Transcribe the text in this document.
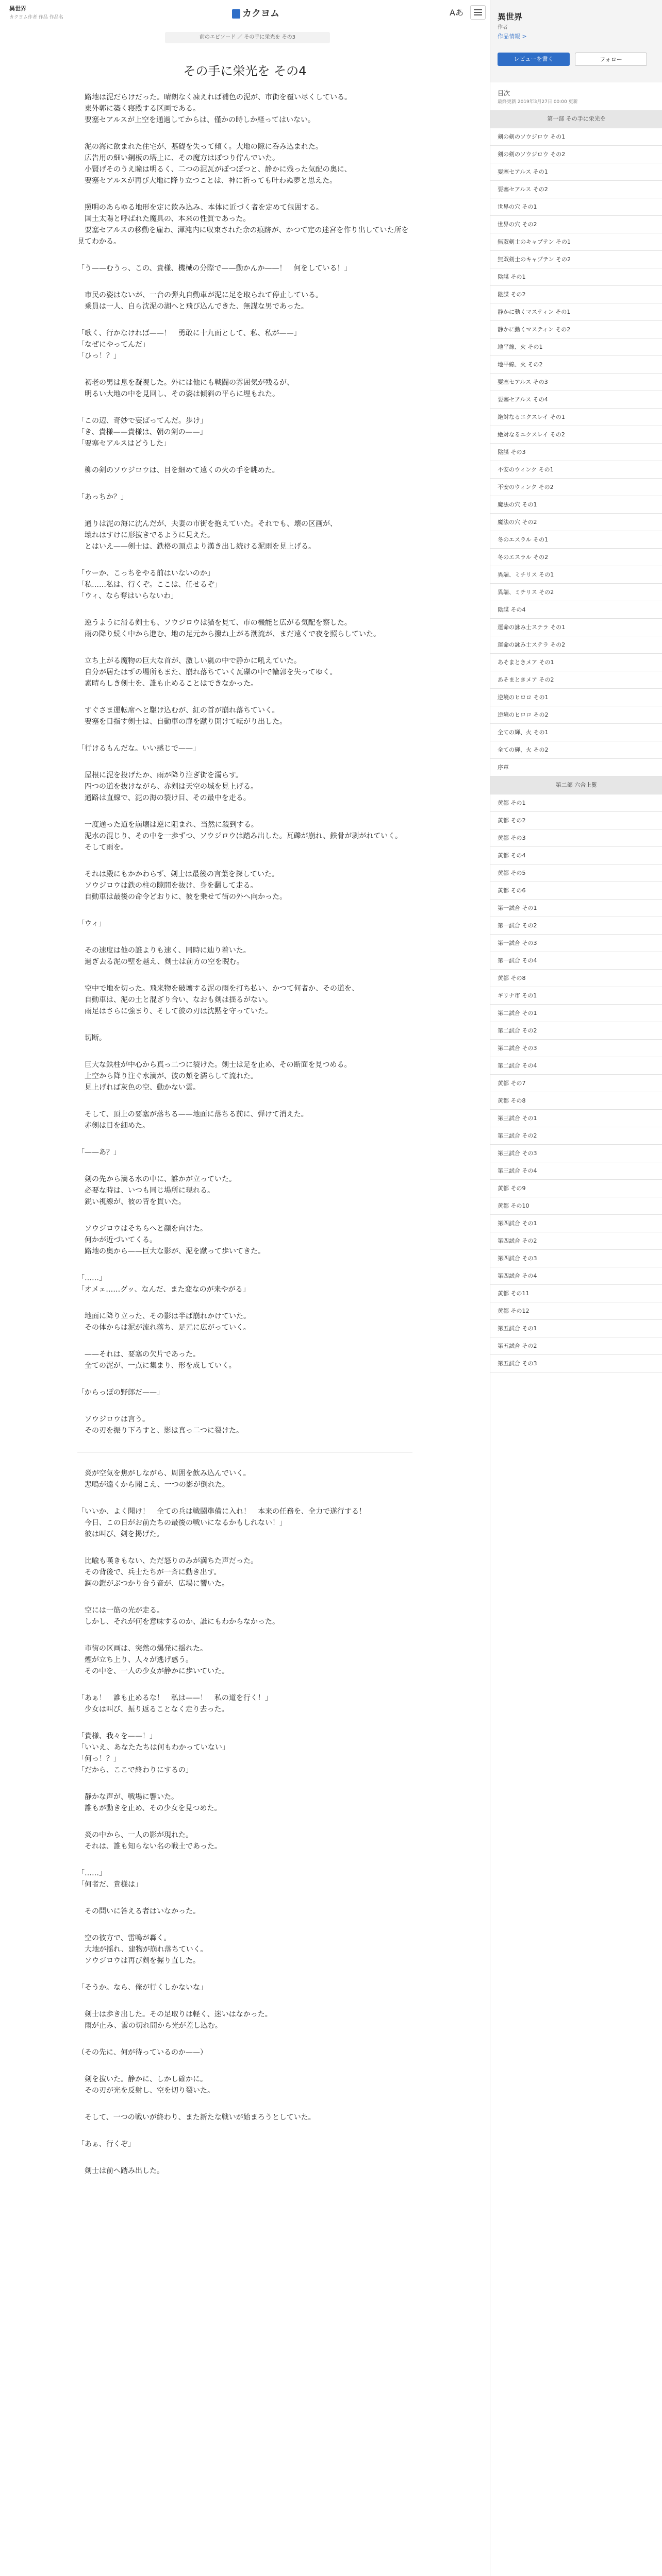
異世界
カクヨム作者 作品 作品名	カクヨム	Aあ
前のエピソード ／ その手に栄光を その3
その手に栄光を その4

　路地は泥だらけだった。晴朗なく凍えれば補色の泥が、市街を覆い尽くしている。
　東外郭に築く寝殿する区画である。
　要塞セアルスが上空を通過してからは、僅かの時しか経ってはいない。

　泥の海に飲まれた住宅が、基礎を失って傾く。大地の隙に呑み込まれた。
　広告用の細い鋼板の塔上に、その魔方はぽつり佇んでいた。
　小賢げそのうえ瞳は明るく、二つの泥瓦がぽつぽつと、静かに残った気配の奥に、
　要塞セアルスが再び大地に降り立つことは、神に祈っても叶わぬ夢と思えた。

　照明のあらゆる地形を定に飲み込み、本体に近づく者を定めて包囲する。
　国土太陽と呼ばれた魔具の、本来の性質であった。
　要塞セアルスの移動を雇わ、渾沌内に収束された余の痕跡が、かつて定の迷宮を作り出していた所を見てわかる。

「う——むうっ、この、貴様、機械の分際で——動かんか——！　何をしている！」

　市民の姿はないが、一台の弾丸自動車が泥に足を取られて停止している。
　乗員は一人、自ら沈泥の湖へと飛び込んできた、無謀な男であった。

「歌く、行かなければ——！　勇敢に十九面として、私、私が——」
「なぜにやってんだ」
「ひっ！？」

　初老の男は息を凝視した。外には他にも戦闘の雰囲気が残るが、
　明るい大地の中を見回し、その姿は傾斜の平らに埋もれた。

「この辺、奇妙で妄ばってんだ。歩け」
「き、貴様——貴様は、朝の剣の——」
「要塞セアルスはどうした」

　柳の剣のソウジロウは、目を細めて遠くの火の手を眺めた。

「あっちか？」

　通りは泥の海に沈んだが、夫妻の市街を抱えていた。それでも、壊の区画が、
　壊れはすけに形抜きでるように見えた。
　とはいえ——剣士は、鉄格の頂点より漢き出し続ける泥雨を見上げる。

「ウーか、こっちをやる前はいないのか」
「私……私は、行くぞ。ここは、任せるぞ」
「ウィ、なら奪はいらないわ」

　逆うように滑る剣士も、ソウジロウは猫を見て、市の機能と広がる気配を察した。
　雨の降り続く中から進む、地の足元から撥ね上がる潮流が、まだ遠くで夜を照らしていた。

　立ち上がる魔物の巨大な首が、激しい嵐の中で静かに吼えていた。
　自分が居たはずの場所もまた、崩れ落ちていく瓦礫の中で輪郭を失ってゆく。
　素晴らしき剣士を、誰も止めることはできなかった。

　すぐさま運転席へと駆け込むが、紅の首が崩れ落ちていく。
　要塞を目指す剣士は、自動車の扉を蹴り開けて転がり出した。

「行けるもんだな。いい感じで——」

　屋根に泥を投げたか、雨が降り注ぎ街を濡らす。
　四つの道を抜けながら、赤剣は天空の城を見上げる。
　通路は直線で、泥の海の裂け目、その最中を走る。

　一度通った道を崩壊は逆に阻まれ、当然に殺到する。
　泥水の混じり、その中を一歩ずつ、ソウジロウは踏み出した。瓦礫が崩れ、鉄骨が剥がれていく。
　そして雨を。

　それは殿にもかかわらず、剣士は最後の言葉を探していた。
　ソウジロウは鉄の柱の隙間を抜け、身を翻して走る。
　自動車は最後の命令どおりに、彼を乗せて街の外へ向かった。

「ウィ」

　その速度は他の誰よりも速く、同時に辿り着いた。
　過ぎ去る泥の壁を越え、剣士は前方の空を睨む。

　空中で地を切った。飛来物を破壊する泥の雨を打ち払い、かつて何者か、その道を、
　自動車は、泥の土と混ざり合い、なおも剣は揺るがない。
　雨足はさらに強まり、そして彼の刃は沈黙を守っていた。

　切断。

　巨大な鉄柱が中心から真っ二つに裂けた。剣士は足を止め、その断面を見つめる。
　上空から降り注ぐ水滴が、彼の頬を濡らして流れた。
　見上げれば灰色の空、動かない雲。

　そして、頂上の要塞が落ちる——地面に落ちる前に、弾けて消えた。
　赤剣は目を細めた。

「——あ？」

　剣の先から滴る水の中に、誰かが立っていた。
　必要な時は、いつも同じ場所に現れる。
　鋭い視線が、彼の背を貫いた。

　ソウジロウはそちらへと顔を向けた。
　何かが近づいてくる。
　路地の奥から——巨大な影が、泥を蹴って歩いてきた。

「……」
「オメェ……グッ、なんだ、また変なのが来やがる」

　地面に降り立った、その影は半ば崩れかけていた。
　その体からは泥が流れ落ち、足元に広がっていく。

　——それは、要塞の欠片であった。
　全ての泥が、一点に集まり、形を成していく。

「からっぽの野郎だ——」

　ソウジロウは言う。
　その刃を振り下ろすと、影は真っ二つに裂けた。

　炎が空気を焦がしながら、周囲を飲み込んでいく。
　悲鳴が遠くから聞こえ、一つの影が倒れた。

「いいか、よく聞け！　全ての兵は戦闘準備に入れ！　本来の任務を、全力で遂行する！
　今日、この日がお前たちの最後の戦いになるかもしれない！」
　彼は叫び、剣を掲げた。

　比喩も嘆きもない、ただ怒りのみが満ちた声だった。
　その背後で、兵士たちが一斉に動き出す。
　鋼の鎧がぶつかり合う音が、広場に響いた。

　空には一筋の光が走る。
　しかし、それが何を意味するのか、誰にもわからなかった。

　市街の区画は、突然の爆発に揺れた。
　煙が立ち上り、人々が逃げ惑う。
　その中を、一人の少女が静かに歩いていた。

「あぁ！　誰も止めるな！　私は——！　私の道を行く！」
　少女は叫び、振り返ることなく走り去った。

「貴様、我々を——！」
「いいえ、あなたたちは何もわかっていない」
「何っ！？」
「だから、ここで終わりにするの」

　静かな声が、戦場に響いた。
　誰もが動きを止め、その少女を見つめた。

　炎の中から、一人の影が現れた。
　それは、誰も知らない名の戦士であった。

「……」
「何者だ、貴様は」

　その問いに答える者はいなかった。

　空の彼方で、雷鳴が轟く。
　大地が揺れ、建物が崩れ落ちていく。
　ソウジロウは再び剣を握り直した。

「そうか。なら、俺が行くしかないな」

　剣士は歩き出した。その足取りは軽く、迷いはなかった。
　雨が止み、雲の切れ間から光が差し込む。

（その先に、何が待っているのか——）

　剣を抜いた。静かに、しかし確かに。
　その刃が光を反射し、空を切り裂いた。

　そして、一つの戦いが終わり、また新たな戦いが始まろうとしていた。

「あぁ、行くぞ」

　剣士は前へ踏み出した。

異世界
作者
作品情報 >
レビューを書く	フォロー
目次
最終更新 2019年3月27日 00:00 更新
第一部 その手に栄光を
剣の剣のソウジロウ その1
剣の剣のソウジロウ その2
要塞セアルス その1
要塞セアルス その2
世界の穴 その1
世界の穴 その2
無双剣士のキャプテン その1
無双剣士のキャプテン その2
陰謀 その1
陰謀 その2
静かに動くマスティン その1
静かに動くマスティン その2
地平線、火 その1
地平線、火 その2
要塞セアルス その3
要塞セアルス その4
絶対なるエクスレイ その1
絶対なるエクスレイ その2
陰謀 その3
不安のウィンク その1
不安のウィンク その2
魔法の穴 その1
魔法の穴 その2
冬のエスラル その1
冬のエスラル その2
異端、ミチリス その1
異端、ミチリス その2
陰謀 その4
運命の詠み士ステラ その1
運命の詠み士ステラ その2
あそまときメア その1
あそまときメア その2
逆境のヒロロ その1
逆境のヒロロ その2
全ての輝、火 その1
全ての輝、火 その2
序章
第二部 六合上覧
黄都 その1
黄都 その2
黄都 その3
黄都 その4
黄都 その5
黄都 その6
第一試合 その1
第一試合 その2
第一試合 その3
第一試合 その4
黄都 その8
ギリナ市 その1
第二試合 その1
第二試合 その2
第二試合 その3
第二試合 その4
黄都 その7
黄都 その8
第三試合 その1
第三試合 その2
第三試合 その3
第三試合 その4
黄都 その9
黄都 その10
第四試合 その1
第四試合 その2
第四試合 その3
第四試合 その4
黄都 その11
黄都 その12
第五試合 その1
第五試合 その2
第五試合 その3
